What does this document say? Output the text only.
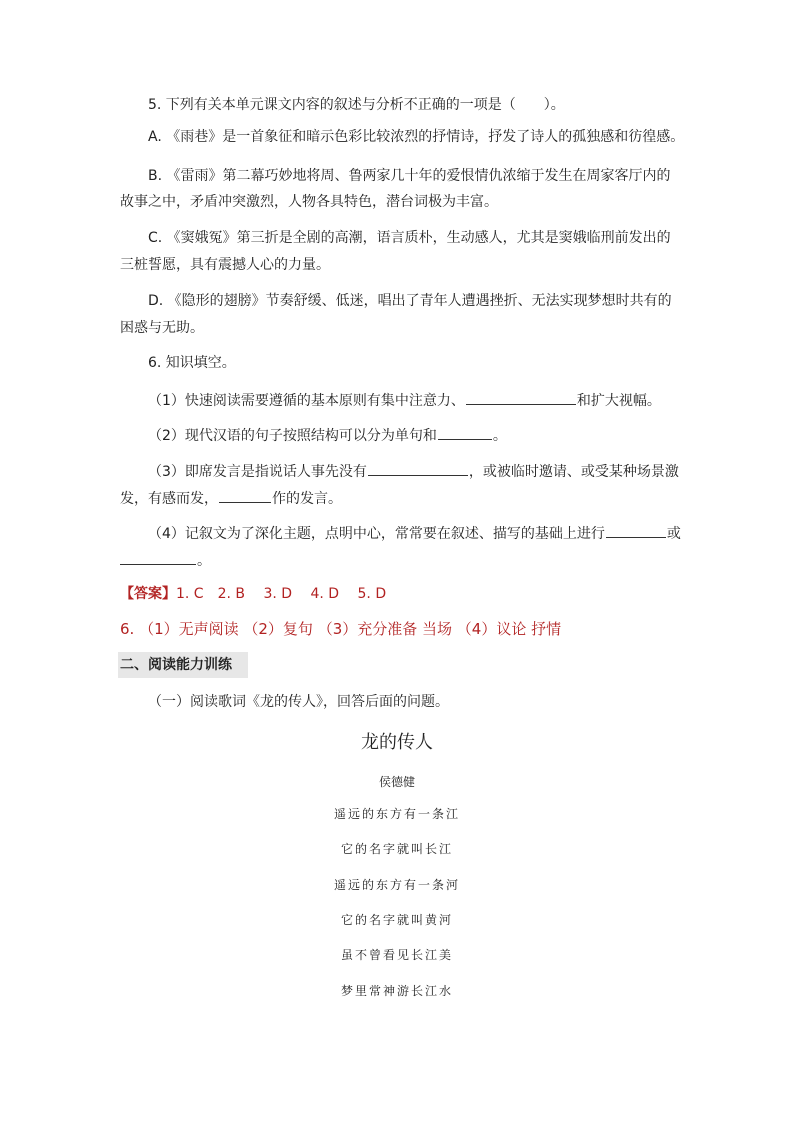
5. 下列有关本单元课文内容的叙述与分析不正确的一项是（　　）。
A. 《雨巷》是一首象征和暗示色彩比较浓烈的抒情诗，抒发了诗人的孤独感和彷徨感。
B. 《雷雨》第二幕巧妙地将周、鲁两家几十年的爱恨情仇浓缩于发生在周家客厅内的
故事之中，矛盾冲突激烈，人物各具特色，潜台词极为丰富。
C. 《窦娥冤》第三折是全剧的高潮，语言质朴，生动感人，尤其是窦娥临刑前发出的
三桩誓愿，具有震撼人心的力量。
D. 《隐形的翅膀》节奏舒缓、低迷，唱出了青年人遭遇挫折、无法实现梦想时共有的
困惑与无助。
6. 知识填空。
（1）快速阅读需要遵循的基本原则有集中注意力、	和扩大视幅。
（2）现代汉语的句子按照结构可以分为单句和	。
（3）即席发言是指说话人事先没有	，或被临时邀请、或受某种场景激
发，有感而发，	作的发言。
（4）记叙文为了深化主题，点明中心，常常要在叙述、描写的基础上进行	或
。
【答案】1. C　2. B　 3. D　 4. D　 5. D
6. （1）无声阅读 （2）复句 （3）充分准备 当场 （4）议论 抒情
二、阅读能力训练
（一）阅读歌词《龙的传人》，回答后面的问题。
龙的传人
侯德健
遥远的东方有一条江
它的名字就叫长江
遥远的东方有一条河
它的名字就叫黄河
虽不曾看见长江美
梦里常神游长江水
